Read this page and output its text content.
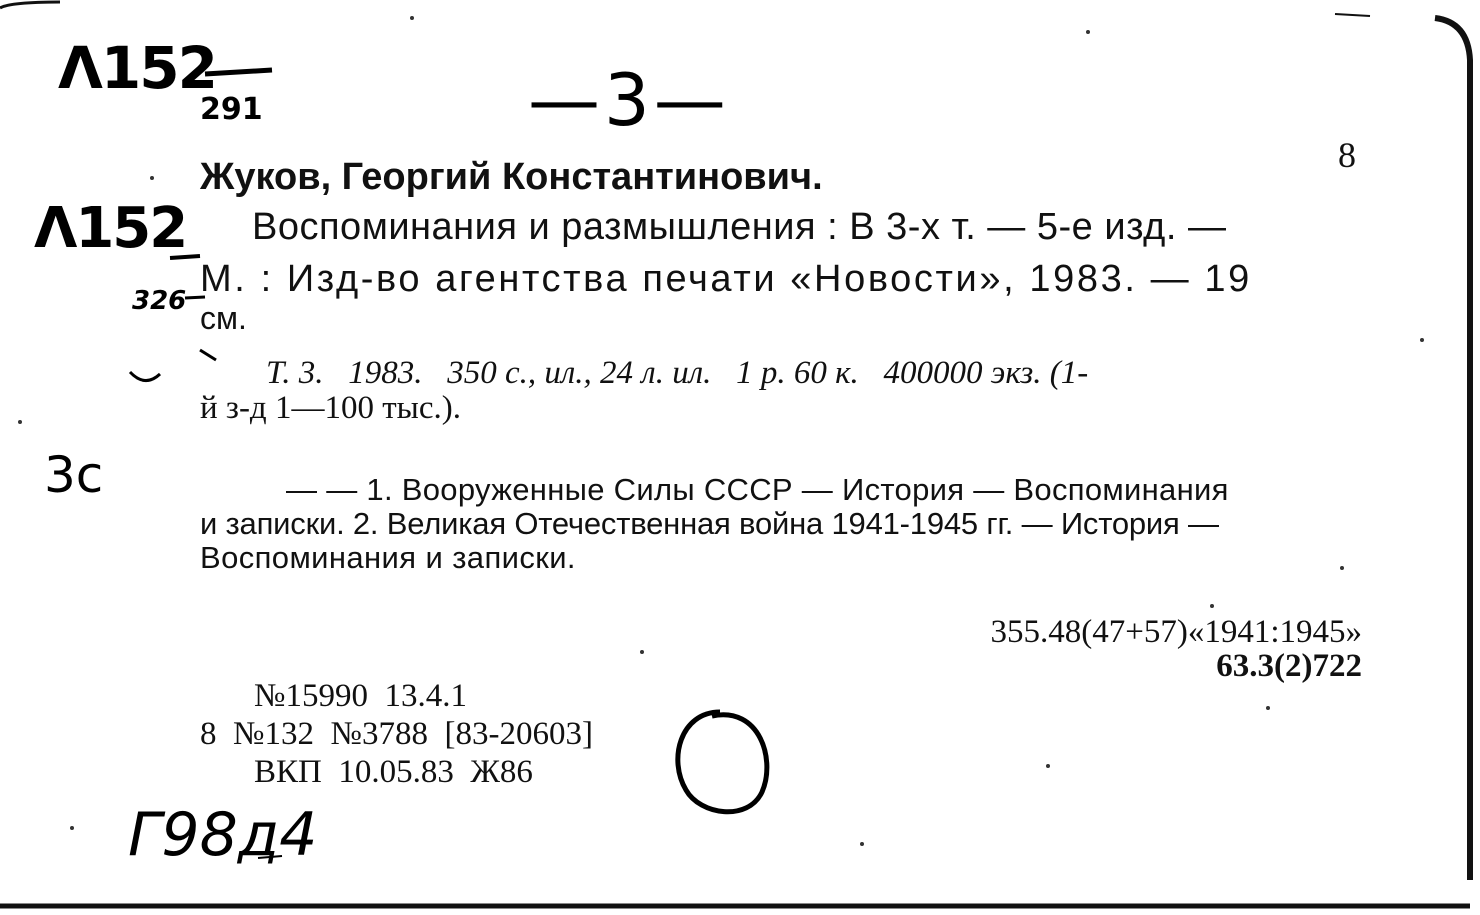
Λ152
291	—3—
Λ152
326
3с
Г98д4
8
Жуков, Георгий Константинович.
Воспоминания и размышления : В 3-х т. — 5-е изд. —
М. : Изд-во агентства печати «Новости», 1983. — 19
см.
Т. 3.   1983.   350 с., ил., 24 л. ил.   1 р. 60 к.   400000 экз. (1-
й з-д 1—100 тыс.).
— — 1. Вооруженные Силы СССР — История — Воспоминания
и записки. 2. Великая Отечественная война 1941-1945 гг. — История —
Воспоминания и записки.
355.48(47+57)«1941:1945»
63.3(2)722
№15990  13.4.1
8  №132  №3788  [83-20603]
ВКП  10.05.83  Ж86
